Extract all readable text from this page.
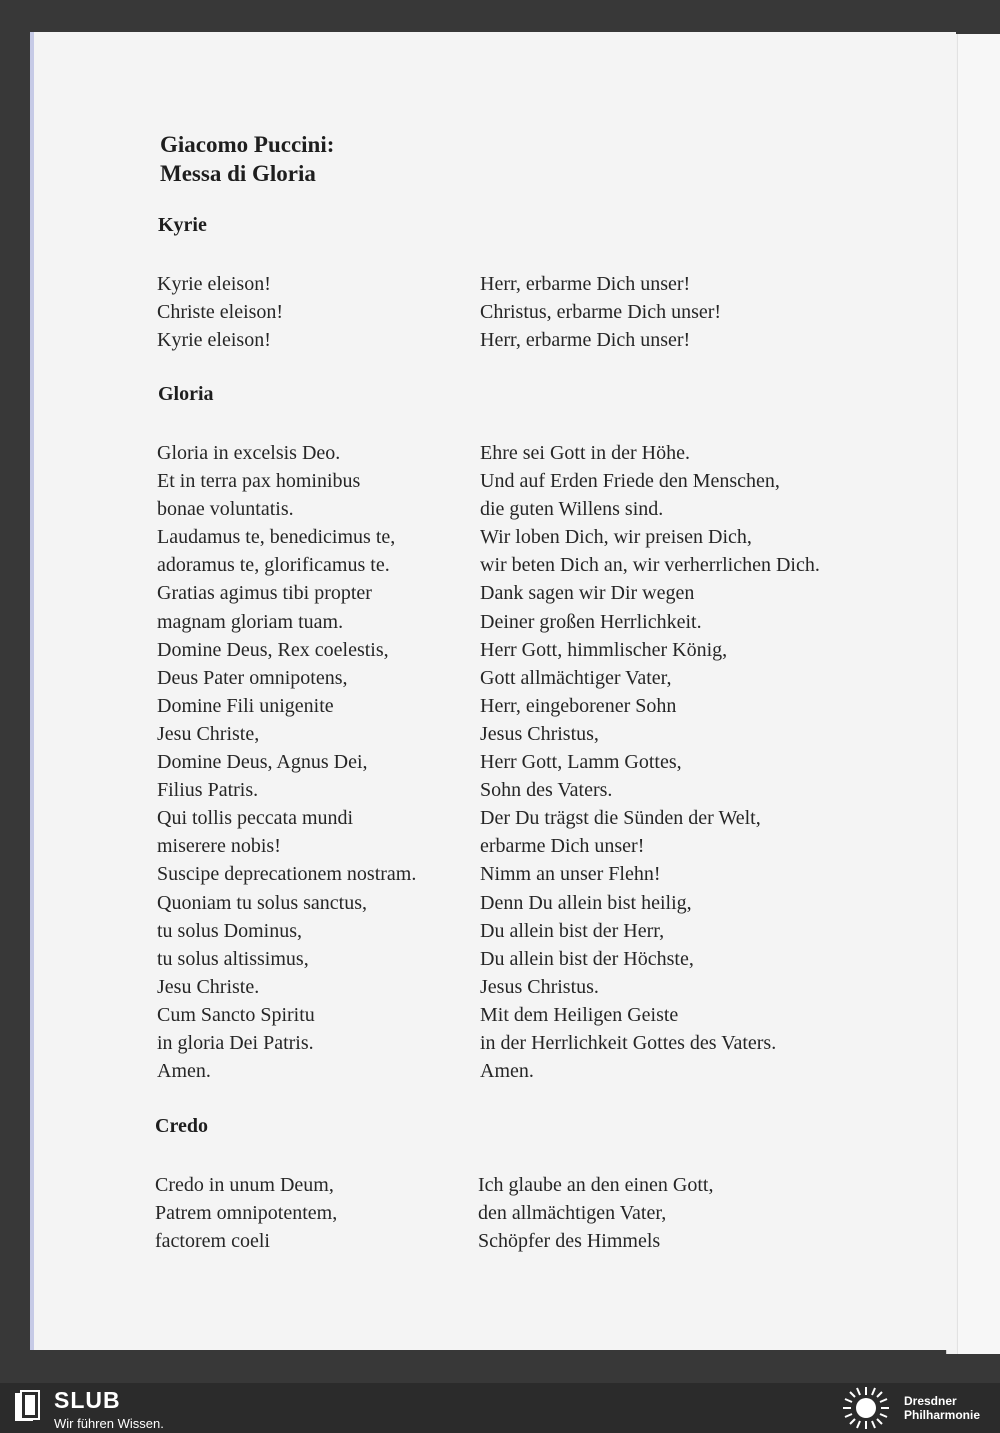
Giacomo Puccini:
Messa di Gloria
Kyrie
Kyrie eleison!
Christe eleison!
Kyrie eleison!
Herr, erbarme Dich unser!
Christus, erbarme Dich unser!
Herr, erbarme Dich unser!
Gloria
Gloria in excelsis Deo.
Et in terra pax hominibus
bonae voluntatis.
Laudamus te, benedicimus te,
adoramus te, glorificamus te.
Gratias agimus tibi propter
magnam gloriam tuam.
Domine Deus, Rex coelestis,
Deus Pater omnipotens,
Domine Fili unigenite
Jesu Christe,
Domine Deus, Agnus Dei,
Filius Patris.
Qui tollis peccata mundi
miserere nobis!
Suscipe deprecationem nostram.
Quoniam tu solus sanctus,
tu solus Dominus,
tu solus altissimus,
Jesu Christe.
Cum Sancto Spiritu
in gloria Dei Patris.
Amen.
Ehre sei Gott in der Höhe.
Und auf Erden Friede den Menschen,
die guten Willens sind.
Wir loben Dich, wir preisen Dich,
wir beten Dich an, wir verherrlichen Dich.
Dank sagen wir Dir wegen
Deiner großen Herrlichkeit.
Herr Gott, himmlischer König,
Gott allmächtiger Vater,
Herr, eingeborener Sohn
Jesus Christus,
Herr Gott, Lamm Gottes,
Sohn des Vaters.
Der Du trägst die Sünden der Welt,
erbarme Dich unser!
Nimm an unser Flehn!
Denn Du allein bist heilig,
Du allein bist der Herr,
Du allein bist der Höchste,
Jesus Christus.
Mit dem Heiligen Geiste
in der Herrlichkeit Gottes des Vaters.
Amen.
Credo
Credo in unum Deum,
Patrem omnipotentem,
factorem coeli
Ich glaube an den einen Gott,
den allmächtigen Vater,
Schöpfer des Himmels
SLUB
Wir führen Wissen.
Dresdner
Philharmonie
